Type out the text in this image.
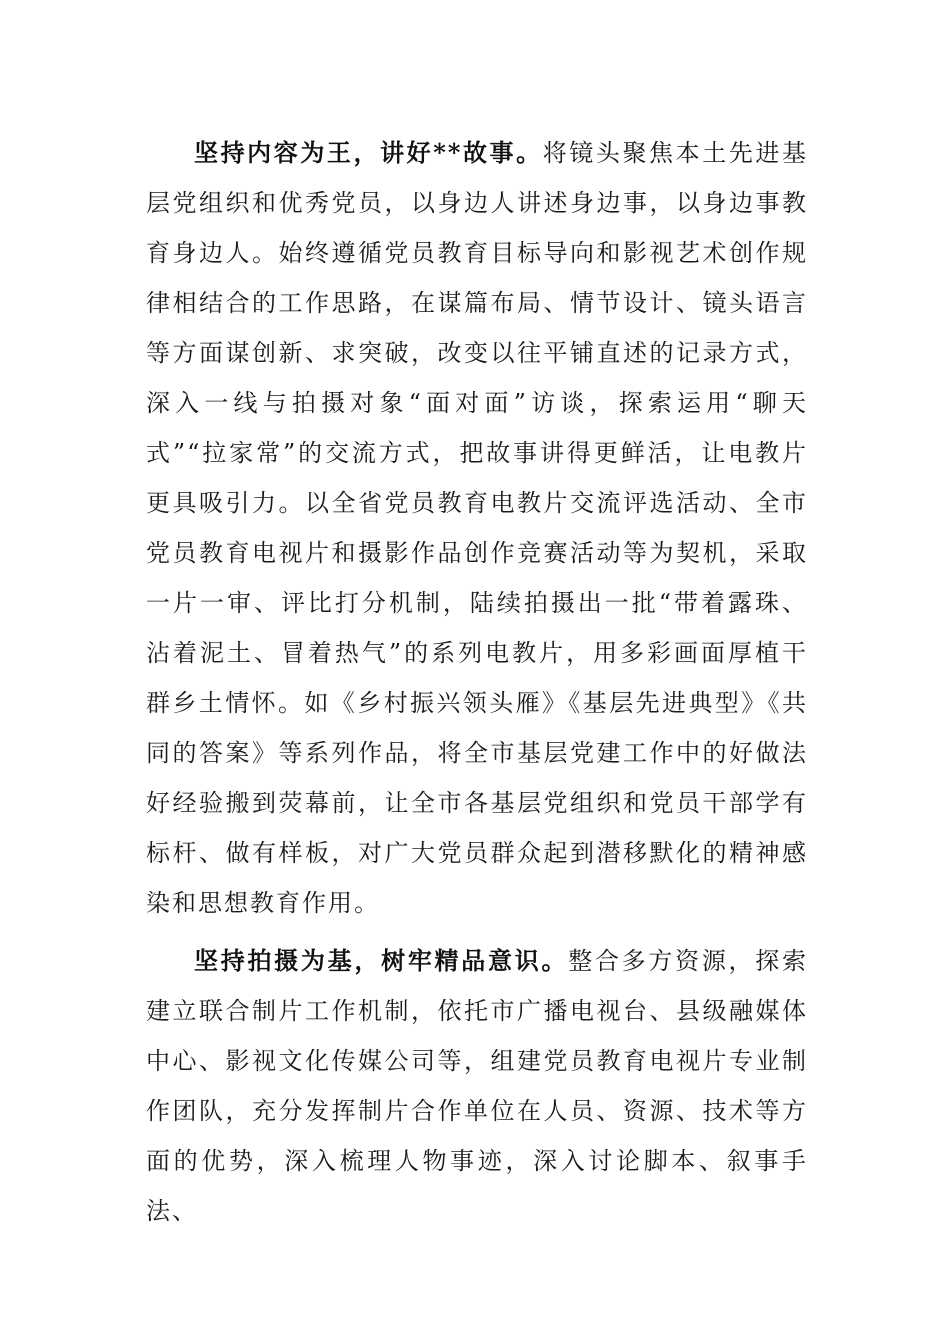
坚持内容为王，讲好**故事。将镜头聚焦本土先进基层党组织和优秀党员，以身边人讲述身边事，以身边事教育身边人。始终遵循党员教育目标导向和影视艺术创作规律相结合的工作思路，在谋篇布局、情节设计、镜头语言等方面谋创新、求突破，改变以往平铺直述的记录方式，深入一线与拍摄对象“面对面”访谈，探索运用“聊天式”“拉家常”的交流方式，把故事讲得更鲜活，让电教片更具吸引力。以全省党员教育电教片交流评选活动、全市党员教育电视片和摄影作品创作竞赛活动等为契机，采取一片一审、评比打分机制，陆续拍摄出一批“带着露珠、沾着泥土、冒着热气”的系列电教片，用多彩画面厚植干群乡土情怀。如《乡村振兴领头雁》《基层先进典型》《共同的答案》等系列作品，将全市基层党建工作中的好做法好经验搬到荧幕前，让全市各基层党组织和党员干部学有标杆、做有样板，对广大党员群众起到潜移默化的精神感染和思想教育作用。

坚持拍摄为基，树牢精品意识。整合多方资源，探索建立联合制片工作机制，依托市广播电视台、县级融媒体中心、影视文化传媒公司等，组建党员教育电视片专业制作团队，充分发挥制片合作单位在人员、资源、技术等方面的优势，深入梳理人物事迹，深入讨论脚本、叙事手法、
